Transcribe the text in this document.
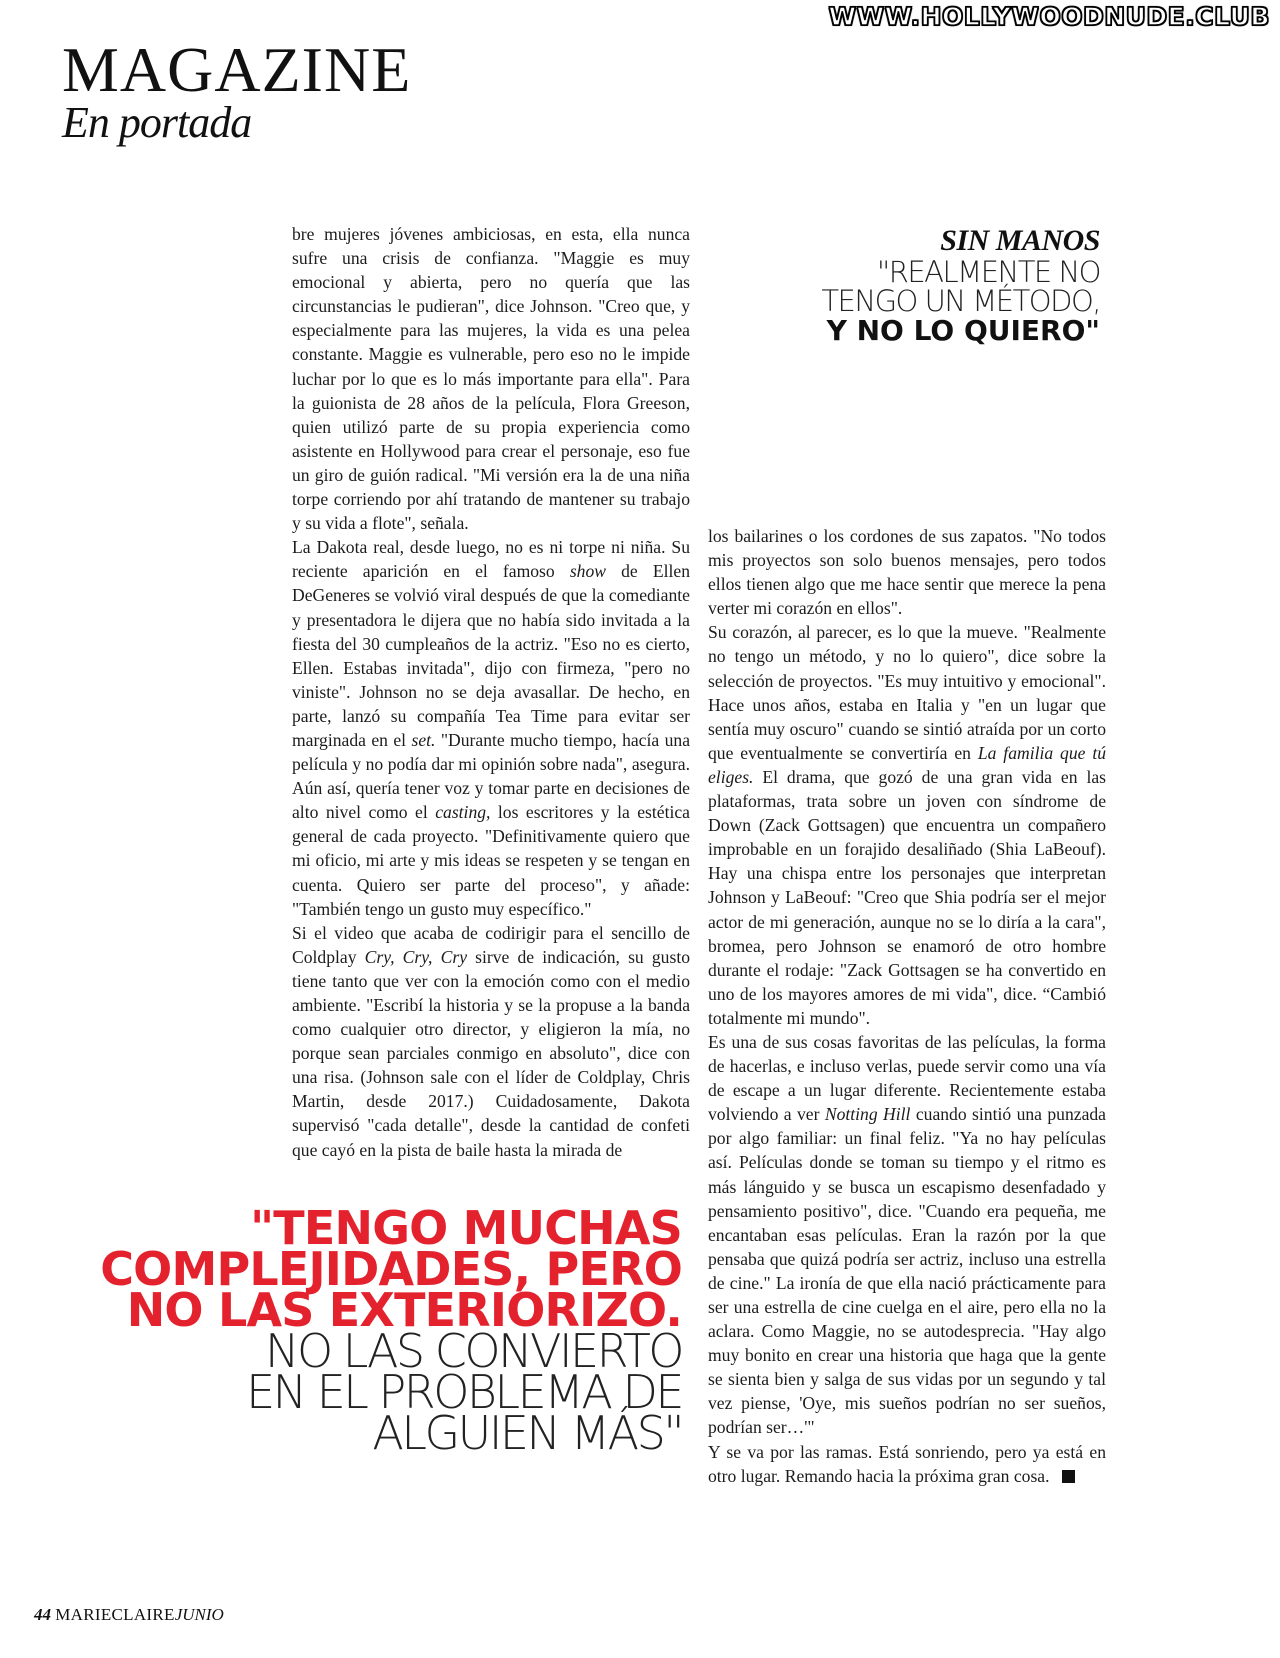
WWW.HOLLYWOODNUDE.CLUB
MAGAZINE
En portada

bre mujeres jóvenes ambiciosas, en esta, ella nunca sufre una crisis de confianza. "Maggie es muy emocional y abierta, pero no quería que las circunstancias le pudieran", dice Johnson. "Creo que, y especialmente para las mujeres, la vida es una pelea constante. Maggie es vulnerable, pero eso no le impide luchar por lo que es lo más importante para ella". Para la guionista de 28 años de la película, Flora Greeson, quien utilizó parte de su propia experiencia como asistente en Hollywood para crear el personaje, eso fue un giro de guión radical. "Mi versión era la de una niña torpe corriendo por ahí tratando de mantener su trabajo y su vida a flote", señala.

La Dakota real, desde luego, no es ni torpe ni niña. Su reciente aparición en el famoso show de Ellen DeGeneres se volvió viral después de que la comediante y presentadora le dijera que no había sido invitada a la fiesta del 30 cumpleaños de la actriz. "Eso no es cierto, Ellen. Estabas invitada", dijo con firmeza, "pero no viniste". Johnson no se deja avasallar. De hecho, en parte, lanzó su compañía Tea Time para evitar ser marginada en el set. "Durante mucho tiempo, hacía una película y no podía dar mi opinión sobre nada", asegura. Aún así, quería tener voz y tomar parte en decisiones de alto nivel como el casting, los escritores y la estética general de cada proyecto. "Definitivamente quiero que mi oficio, mi arte y mis ideas se respeten y se tengan en cuenta. Quiero ser parte del proceso", y añade: "También tengo un gusto muy específico."

Si el video que acaba de codirigir para el sencillo de Coldplay Cry, Cry, Cry sirve de indicación, su gusto tiene tanto que ver con la emoción como con el medio ambiente. "Escribí la historia y se la propuse a la banda como cualquier otro director, y eligieron la mía, no porque sean parciales conmigo en absoluto", dice con una risa. (Johnson sale con el líder de Coldplay, Chris Martin, desde 2017.) Cuidadosamente, Dakota supervisó "cada detalle", desde la cantidad de confeti que cayó en la pista de baile hasta la mirada de

SIN MANOS
"REALMENTE NO
TENGO UN MÉTODO,
Y NO LO QUIERO"

los bailarines o los cordones de sus zapatos. "No todos mis proyectos son solo buenos mensajes, pero todos ellos tienen algo que me hace sentir que merece la pena verter mi corazón en ellos".

Su corazón, al parecer, es lo que la mueve. "Realmente no tengo un método, y no lo quiero", dice sobre la selección de proyectos. "Es muy intuitivo y emocional". Hace unos años, estaba en Italia y "en un lugar que sentía muy oscuro" cuando se sintió atraída por un corto que eventualmente se convertiría en La familia que tú eliges. El drama, que gozó de una gran vida en las plataformas, trata sobre un joven con síndrome de Down (Zack Gottsagen) que encuentra un compañero improbable en un forajido desaliñado (Shia LaBeouf). Hay una chispa entre los personajes que interpretan Johnson y LaBeouf: "Creo que Shia podría ser el mejor actor de mi generación, aunque no se lo diría a la cara", bromea, pero Johnson se enamoró de otro hombre durante el rodaje: "Zack Gottsagen se ha convertido en uno de los mayores amores de mi vida", dice. “Cambió totalmente mi mundo".

Es una de sus cosas favoritas de las películas, la forma de hacerlas, e incluso verlas, puede servir como una vía de escape a un lugar diferente. Recientemente estaba volviendo a ver Notting Hill cuando sintió una punzada por algo familiar: un final feliz. "Ya no hay películas así. Películas donde se toman su tiempo y el ritmo es más lánguido y se busca un escapismo desenfadado y pensamiento positivo", dice. "Cuando era pequeña, me encantaban esas películas. Eran la razón por la que pensaba que quizá podría ser actriz, incluso una estrella de cine." La ironía de que ella nació prácticamente para ser una estrella de cine cuelga en el aire, pero ella no la aclara. Como Maggie, no se autodesprecia. "Hay algo muy bonito en crear una historia que haga que la gente se sienta bien y salga de sus vidas por un segundo y tal vez piense, 'Oye, mis sueños podrían no ser sueños, podrían ser…'"

Y se va por las ramas. Está sonriendo, pero ya está en otro lugar. Remando hacia la próxima gran cosa.

"TENGO MUCHAS
COMPLEJIDADES, PERO
NO LAS EXTERIORIZO.
NO LAS CONVIERTO
EN EL PROBLEMA DE
ALGUIEN MÁS"
44 MARIECLAIREJUNIO
